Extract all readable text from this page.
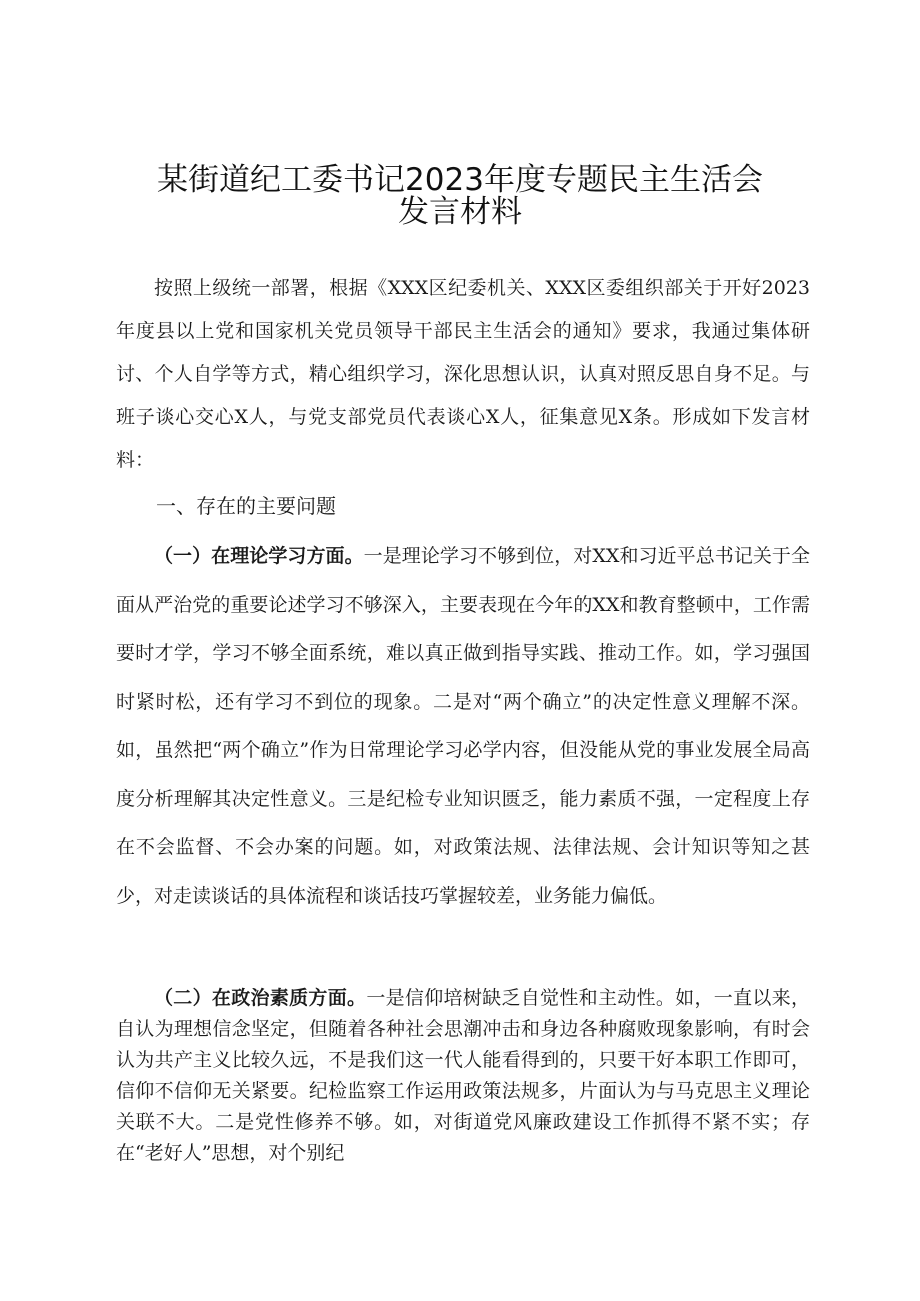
某街道纪工委书记2023年度专题民主生活会
发言材料

按照上级统一部署，根据《XXX区纪委机关、XXX区委组织部关于开好2023年度县以上党和国家机关党员领导干部民主生活会的通知》要求，我通过集体研讨、个人自学等方式，精心组织学习，深化思想认识，认真对照反思自身不足。与班子谈心交心X人，与党支部党员代表谈心X人，征集意见X条。形成如下发言材料：

一、存在的主要问题

（一）在理论学习方面。一是理论学习不够到位，对XX和习近平总书记关于全面从严治党的重要论述学习不够深入，主要表现在今年的XX和教育整顿中，工作需要时才学，学习不够全面系统，难以真正做到指导实践、推动工作。如，学习强国时紧时松，还有学习不到位的现象。二是对“两个确立”的决定性意义理解不深。如，虽然把“两个确立”作为日常理论学习必学内容，但没能从党的事业发展全局高度分析理解其决定性意义。三是纪检专业知识匮乏，能力素质不强，一定程度上存在不会监督、不会办案的问题。如，对政策法规、法律法规、会计知识等知之甚少，对走读谈话的具体流程和谈话技巧掌握较差，业务能力偏低。

（二）在政治素质方面。一是信仰培树缺乏自觉性和主动性。如，一直以来，自认为理想信念坚定，但随着各种社会思潮冲击和身边各种腐败现象影响，有时会认为共产主义比较久远，不是我们这一代人能看得到的，只要干好本职工作即可，信仰不信仰无关紧要。纪检监察工作运用政策法规多，片面认为与马克思主义理论关联不大。二是党性修养不够。如，对街道党风廉政建设工作抓得不紧不实；存在“老好人”思想，对个别纪
